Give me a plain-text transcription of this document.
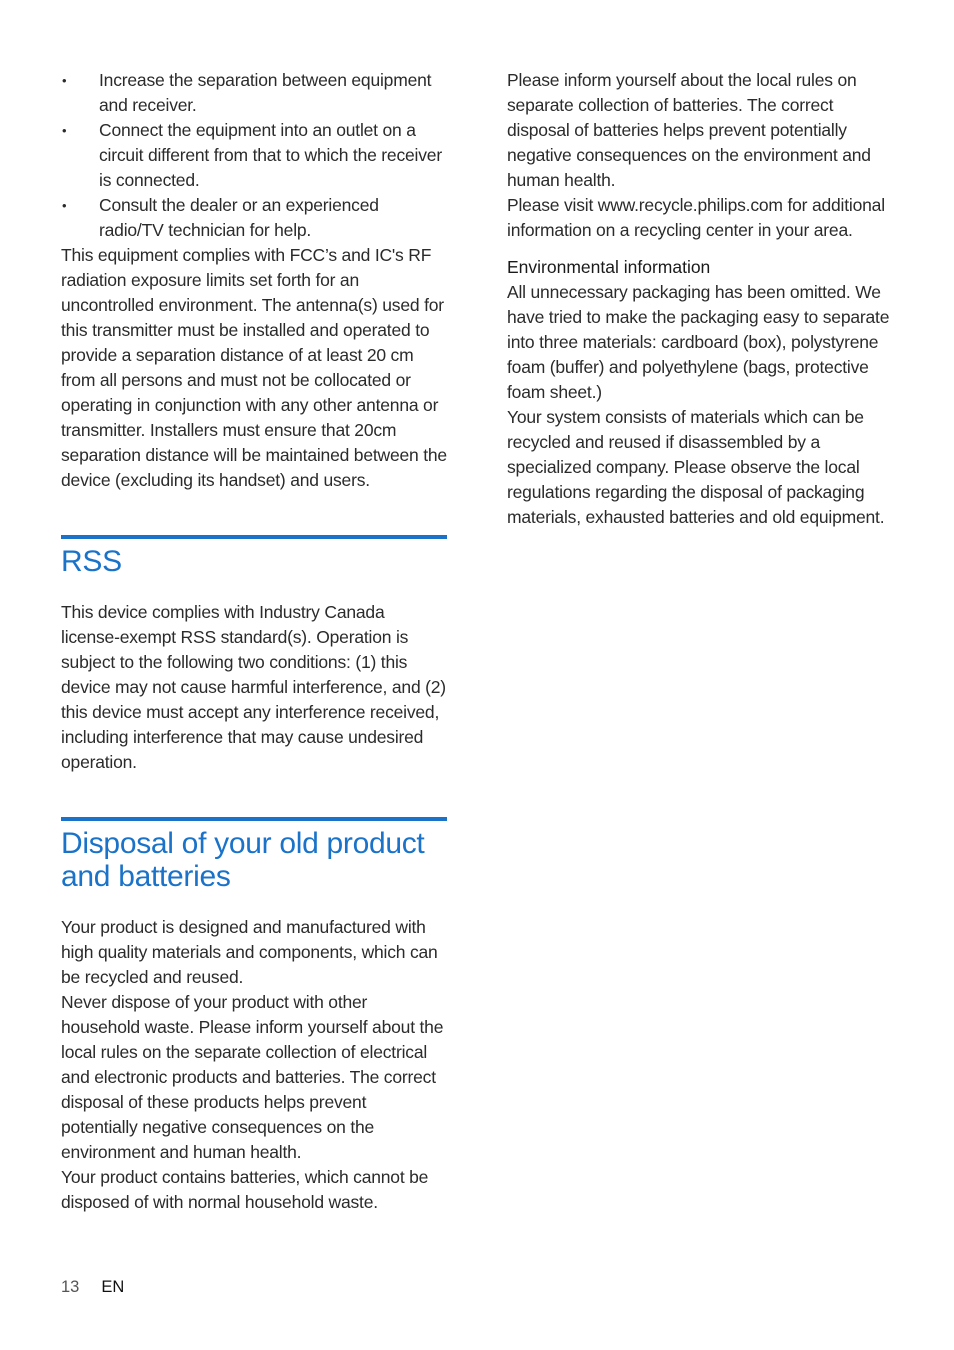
• Increase the separation between equipment and receiver.
• Connect the equipment into an outlet on a circuit different from that to which the receiver is connected.
• Consult the dealer or an experienced radio/TV technician for help.

This equipment complies with FCC’s and IC's RF radiation exposure limits set forth for an uncontrolled environment. The antenna(s) used for this transmitter must be installed and operated to provide a separation distance of at least 20 cm from all persons and must not be collocated or operating in conjunction with any other antenna or transmitter. Installers must ensure that 20cm separation distance will be maintained between the device (excluding its handset) and users.

RSS

This device complies with Industry Canada license-exempt RSS standard(s). Operation is subject to the following two conditions: (1) this device may not cause harmful interference, and (2) this device must accept any interference received, including interference that may cause undesired operation.

Disposal of your old product and batteries

Your product is designed and manufactured with high quality materials and components, which can be recycled and reused.

Never dispose of your product with other household waste. Please inform yourself about the local rules on the separate collection of electrical and electronic products and batteries. The correct disposal of these products helps prevent potentially negative consequences on the environment and human health.

Your product contains batteries, which cannot be disposed of with normal household waste.

Please inform yourself about the local rules on separate collection of batteries. The correct disposal of batteries helps prevent potentially negative consequences on the environment and human health.

Please visit www.recycle.philips.com for additional information on a recycling center in your area.

Environmental information

All unnecessary packaging has been omitted. We have tried to make the packaging easy to separate into three materials: cardboard (box), polystyrene foam (buffer) and polyethylene (bags, protective foam sheet.)

Your system consists of materials which can be recycled and reused if disassembled by a specialized company. Please observe the local regulations regarding the disposal of packaging materials, exhausted batteries and old equipment.

13 EN
